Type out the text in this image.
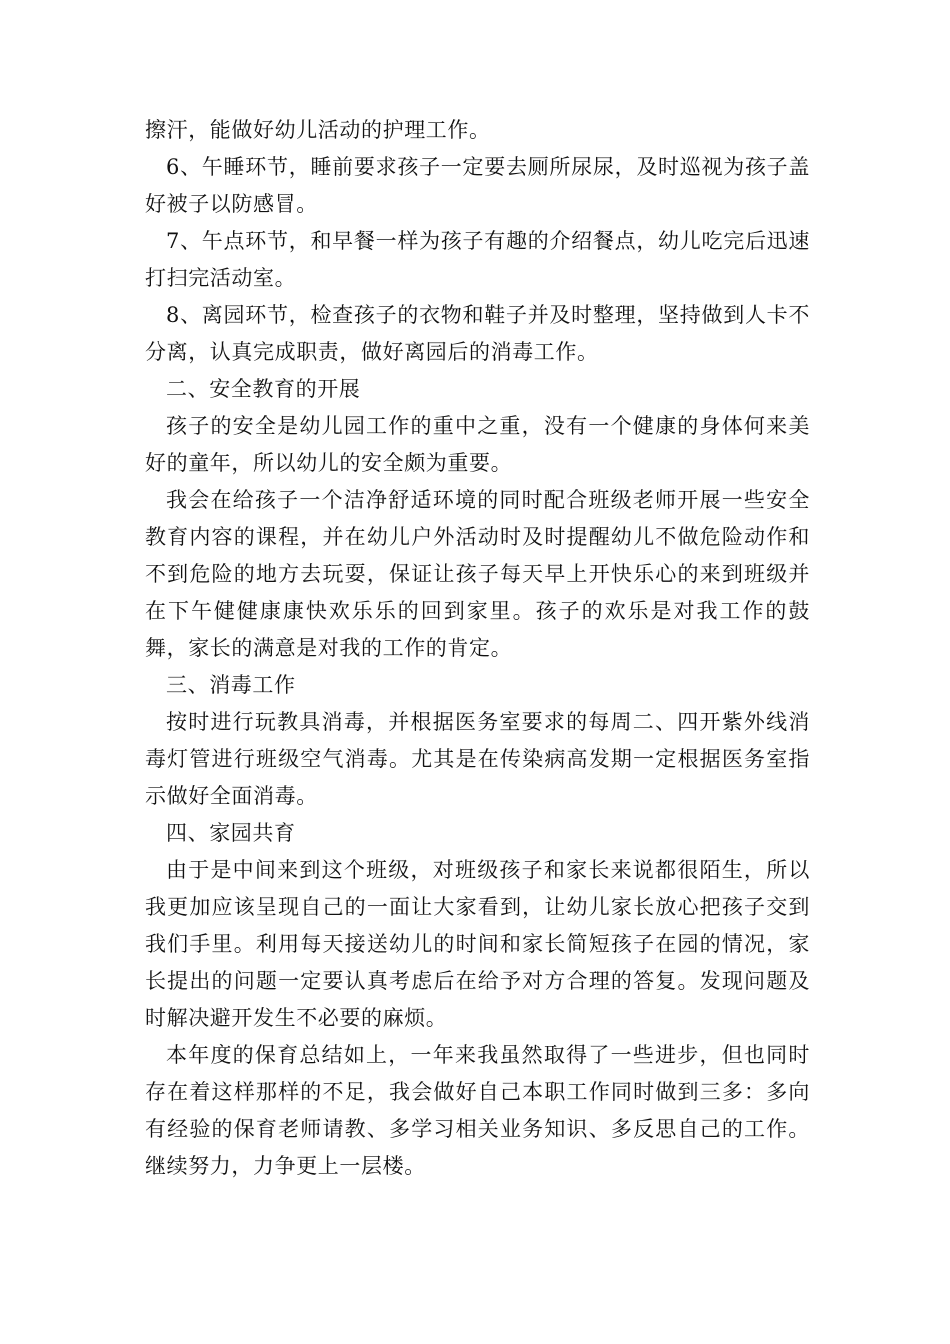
擦汗，能做好幼儿活动的护理工作。

6、午睡环节，睡前要求孩子一定要去厕所尿尿，及时巡视为孩子盖好被子以防感冒。

7、午点环节，和早餐一样为孩子有趣的介绍餐点，幼儿吃完后迅速打扫完活动室。

8、离园环节，检查孩子的衣物和鞋子并及时整理，坚持做到人卡不分离，认真完成职责，做好离园后的消毒工作。

二、安全教育的开展

孩子的安全是幼儿园工作的重中之重，没有一个健康的身体何来美好的童年，所以幼儿的安全颇为重要。

我会在给孩子一个洁净舒适环境的同时配合班级老师开展一些安全教育内容的课程，并在幼儿户外活动时及时提醒幼儿不做危险动作和不到危险的地方去玩耍，保证让孩子每天早上开快乐心的来到班级并在下午健健康康快欢乐乐的回到家里。孩子的欢乐是对我工作的鼓舞，家长的满意是对我的工作的肯定。

三、消毒工作

按时进行玩教具消毒，并根据医务室要求的每周二、四开紫外线消毒灯管进行班级空气消毒。尤其是在传染病高发期一定根据医务室指示做好全面消毒。

四、家园共育

由于是中间来到这个班级，对班级孩子和家长来说都很陌生，所以我更加应该呈现自己的一面让大家看到，让幼儿家长放心把孩子交到我们手里。利用每天接送幼儿的时间和家长简短孩子在园的情况，家长提出的问题一定要认真考虑后在给予对方合理的答复。发现问题及时解决避开发生不必要的麻烦。

本年度的保育总结如上，一年来我虽然取得了一些进步，但也同时存在着这样那样的不足，我会做好自己本职工作同时做到三多：多向有经验的保育老师请教、多学习相关业务知识、多反思自己的工作。继续努力，力争更上一层楼。
